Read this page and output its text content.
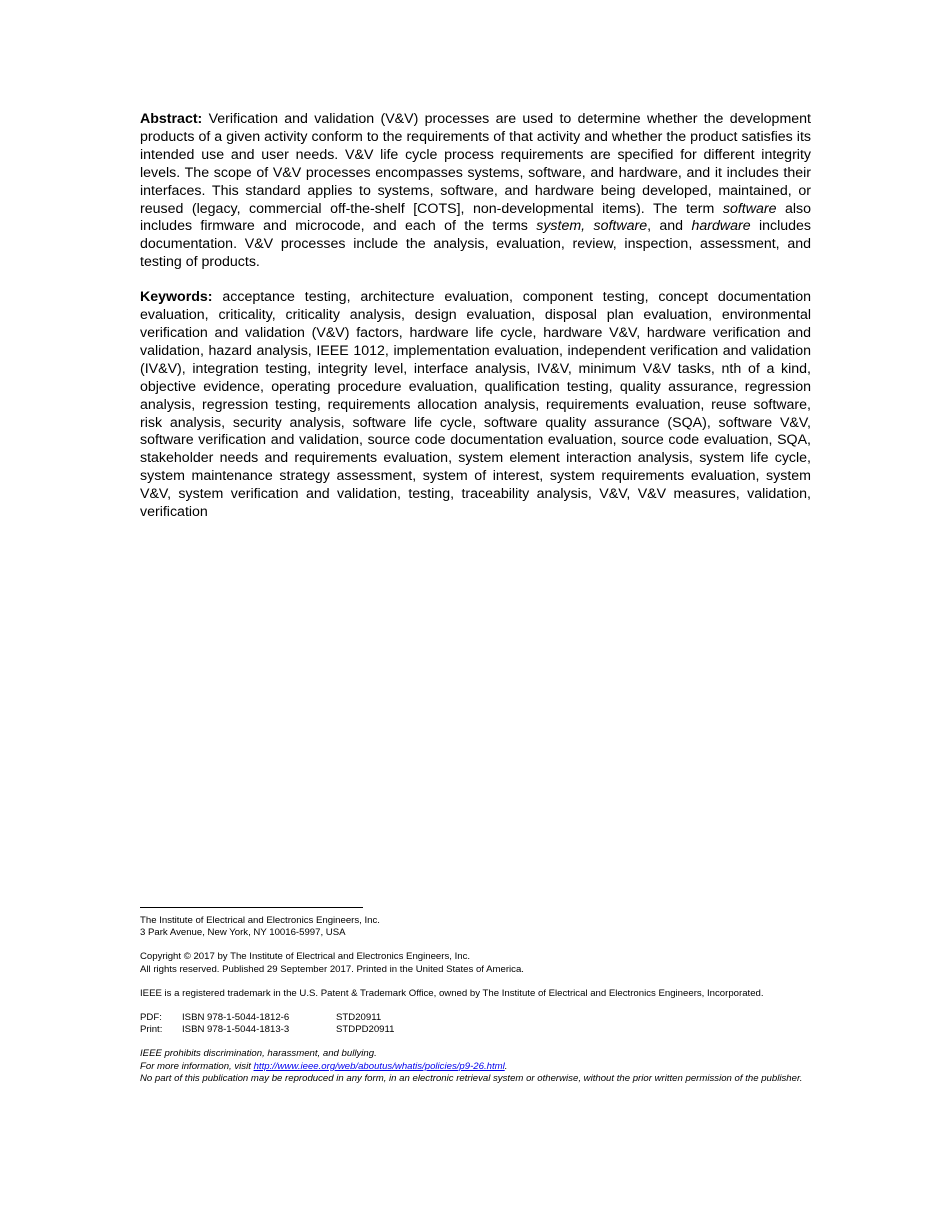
Abstract: Verification and validation (V&V) processes are used to determine whether the development products of a given activity conform to the requirements of that activity and whether the product satisfies its intended use and user needs. V&V life cycle process requirements are specified for different integrity levels. The scope of V&V processes encompasses systems, software, and hardware, and it includes their interfaces. This standard applies to systems, software, and hardware being developed, maintained, or reused (legacy, commercial off-the-shelf [COTS], non-developmental items). The term software also includes firmware and microcode, and each of the terms system, software, and hardware includes documentation. V&V processes include the analysis, evaluation, review, inspection, assessment, and testing of products.

Keywords: acceptance testing, architecture evaluation, component testing, concept documentation evaluation, criticality, criticality analysis, design evaluation, disposal plan evaluation, environmental verification and validation (V&V) factors, hardware life cycle, hardware V&V, hardware verification and validation, hazard analysis, IEEE 1012, implementation evaluation, independent verification and validation (IV&V), integration testing, integrity level, interface analysis, IV&V, minimum V&V tasks, nth of a kind, objective evidence, operating procedure evaluation, qualification testing, quality assurance, regression analysis, regression testing, requirements allocation analysis, requirements evaluation, reuse software, risk analysis, security analysis, software life cycle, software quality assurance (SQA), software V&V, software verification and validation, source code documentation evaluation, source code evaluation, SQA, stakeholder needs and requirements evaluation, system element interaction analysis, system life cycle, system maintenance strategy assessment, system of interest, system requirements evaluation, system V&V, system verification and validation, testing, traceability analysis, V&V, V&V measures, validation, verification

The Institute of Electrical and Electronics Engineers, Inc.
3 Park Avenue, New York, NY 10016-5997, USA
Copyright © 2017 by The Institute of Electrical and Electronics Engineers, Inc.
All rights reserved. Published 29 September 2017. Printed in the United States of America.
IEEE is a registered trademark in the U.S. Patent & Trademark Office, owned by The Institute of Electrical and Electronics Engineers, Incorporated.
PDF:	ISBN 978-1-5044-1812-6	STD20911
Print:	ISBN 978-1-5044-1813-3	STDPD20911
IEEE prohibits discrimination, harassment, and bullying.
For more information, visit http://www.ieee.org/web/aboutus/whatis/policies/p9-26.html.
No part of this publication may be reproduced in any form, in an electronic retrieval system or otherwise, without the prior written permission of the publisher.
